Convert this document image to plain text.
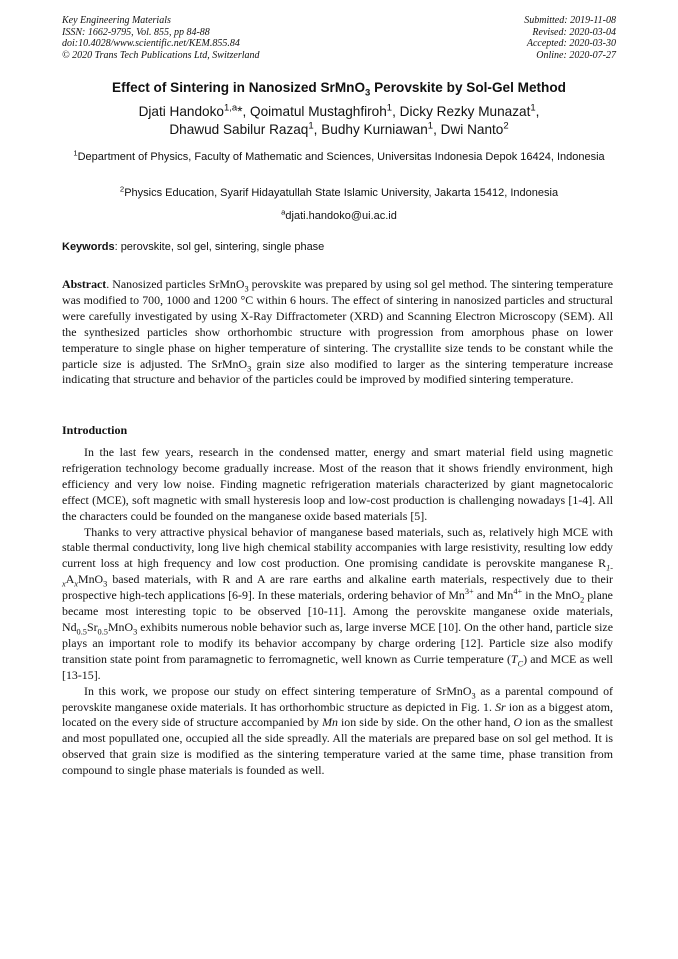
Key Engineering Materials
ISSN: 1662-9795, Vol. 855, pp 84-88
doi:10.4028/www.scientific.net/KEM.855.84
© 2020 Trans Tech Publications Ltd, Switzerland
Submitted: 2019-11-08
Revised: 2020-03-04
Accepted: 2020-03-30
Online: 2020-07-27
Effect of Sintering in Nanosized SrMnO$_3$ Perovskite by Sol-Gel Method
Djati Handoko$^{1,a}$*, Qoimatul Mustaghfiroh$^1$, Dicky Rezky Munazat$^1$,
Dhawud Sabilur Razaq$^1$, Budhy Kurniawan$^1$, Dwi Nanto$^2$
$^1$Department of Physics, Faculty of Mathematic and Sciences, Universitas Indonesia Depok 16424, Indonesia
$^2$Physics Education, Syarif Hidayatullah State Islamic University, Jakarta 15412, Indonesia
$^a$djati.handoko@ui.ac.id
Keywords: perovskite, sol gel, sintering, single phase
Abstract. Nanosized particles SrMnO$_3$ perovskite was prepared by using sol gel method. The sintering temperature was modified to 700, 1000 and 1200 °C within 6 hours. The effect of sintering in nanosized particles and structural were carefully investigated by using X-Ray Diffractometer (XRD) and Scanning Electron Microscopy (SEM). All the synthesized particles show orthorhombic structure with progression from amorphous phase on lower temperature to single phase on higher temperature of sintering. The crystallite size tends to be constant while the particle size is adjusted. The SrMnO$_3$ grain size also modified to larger as the sintering temperature increase indicating that structure and behavior of the particles could be improved by modified sintering temperature.
Introduction

In the last few years, research in the condensed matter, energy and smart material field using magnetic refrigeration technology become gradually increase. Most of the reason that it shows friendly environment, high efficiency and very low noise. Finding magnetic refrigeration materials characterized by giant magnetocaloric effect (MCE), soft magnetic with small hysteresis loop and low-cost production is challenging nowadays [1-4]. All the characters could be founded on the manganese oxide based materials [5].

Thanks to very attractive physical behavior of manganese based materials, such as, relatively high MCE with stable thermal conductivity, long live high chemical stability accompanies with large resistivity, resulting low eddy current loss at high frequency and low cost production. One promising candidate is perovskite manganese $R_{1-x}A_xMnO_3$ based materials, with R and A are rare earths and alkaline earth materials, respectively due to their prospective high-tech applications [6-9]. In these materials, ordering behavior of $Mn^{3+}$ and $Mn^{4+}$ in the MnO$_2$ plane became most interesting topic to be observed [10-11]. Among the perovskite manganese oxide materials, $Nd_{0.5}Sr_{0.5}MnO_3$ exhibits numerous noble behavior such as, large inverse MCE [10]. On the other hand, particle size plays an important role to modify its behavior accompany by charge ordering [12]. Particle size also modify transition state point from paramagnetic to ferromagnetic, well known as Currie temperature $(T_C)$ and MCE as well [13-15].

In this work, we propose our study on effect sintering temperature of SrMnO$_3$ as a parental compound of perovskite manganese oxide materials. It has orthorhombic structure as depicted in Fig. 1. Sr ion as a biggest atom, located on the every side of structure accompanied by Mn ion side by side. On the other hand, O ion as the smallest and most popullated one, occupied all the side spreadly. All the materials are prepared base on sol gel method. It is observed that grain size is modified as the sintering temperature varied at the same time, phase transition from compound to single phase materials is founded as well.
